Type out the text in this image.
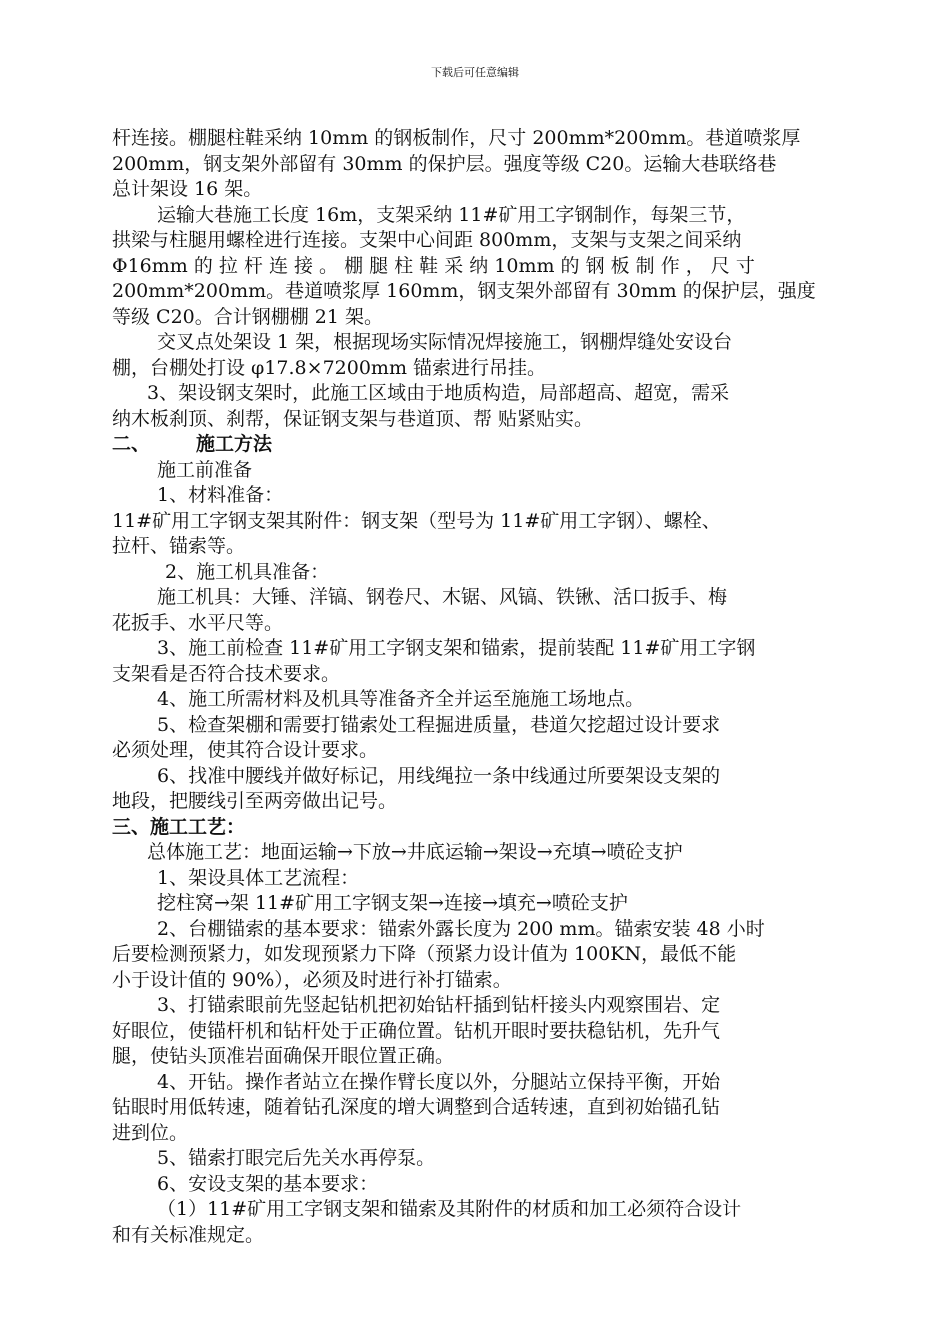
下载后可任意编辑

杆连接。棚腿柱鞋采纳 10mm 的钢板制作，尺寸 200mm*200mm。巷道喷浆厚

200mm，钢支架外部留有 30mm 的保护层。强度等级 C20。运输大巷联络巷

总计架设 16 架。

运输大巷施工长度 16m，支架采纳 11#矿用工字钢制作，每架三节，

拱梁与柱腿用螺栓进行连接。支架中心间距 800mm，支架与支架之间采纳

Φ16mm 的 拉 杆 连 接 。 棚 腿 柱 鞋 采 纳 10mm 的 钢 板 制 作 ， 尺 寸

200mm*200mm。巷道喷浆厚 160mm，钢支架外部留有 30mm 的保护层，强度

等级 C20。合计钢棚棚 21 架。

交叉点处架设 1 架，根据现场实际情况焊接施工，钢棚焊缝处安设台

棚，台棚处打设 φ17.8×7200mm 锚索进行吊挂。

3、架设钢支架时，此施工区域由于地质构造，局部超高、超宽，需采

纳木板刹顶、刹帮，保证钢支架与巷道顶、帮 贴紧贴实。

二、 施工方法

施工前准备

1、材料准备：

11#矿用工字钢支架其附件：钢支架（型号为 11#矿用工字钢）、螺栓、

拉杆、锚索等。

2、施工机具准备：

施工机具：大锤、洋镐、钢卷尺、木锯、风镐、铁锹、活口扳手、梅

花扳手、水平尺等。

3、施工前检查 11#矿用工字钢支架和锚索，提前装配 11#矿用工字钢

支架看是否符合技术要求。

4、施工所需材料及机具等准备齐全并运至施施工场地点。

5、检查架棚和需要打锚索处工程掘进质量，巷道欠挖超过设计要求

必须处理，使其符合设计要求。

6、找准中腰线并做好标记，用线绳拉一条中线通过所要架设支架的

地段，把腰线引至两旁做出记号。

三、施工工艺：

总体施工艺：地面运输→下放→井底运输→架设→充填→喷砼支护

1、架设具体工艺流程：

挖柱窝→架 11#矿用工字钢支架→连接→填充→喷砼支护

2、台棚锚索的基本要求：锚索外露长度为 200 mm。锚索安装 48 小时

后要检测预紧力，如发现预紧力下降（预紧力设计值为 100KN，最低不能

小于设计值的 90%），必须及时进行补打锚索。

3、打锚索眼前先竖起钻机把初始钻杆插到钻杆接头内观察围岩、定

好眼位，使锚杆机和钻杆处于正确位置。钻机开眼时要扶稳钻机，先升气

腿，使钻头顶准岩面确保开眼位置正确。

4、开钻。操作者站立在操作臂长度以外，分腿站立保持平衡，开始

钻眼时用低转速，随着钻孔深度的增大调整到合适转速，直到初始锚孔钻

进到位。

5、锚索打眼完后先关水再停泵。

6、安设支架的基本要求：

（1）11#矿用工字钢支架和锚索及其附件的材质和加工必须符合设计

和有关标准规定。
